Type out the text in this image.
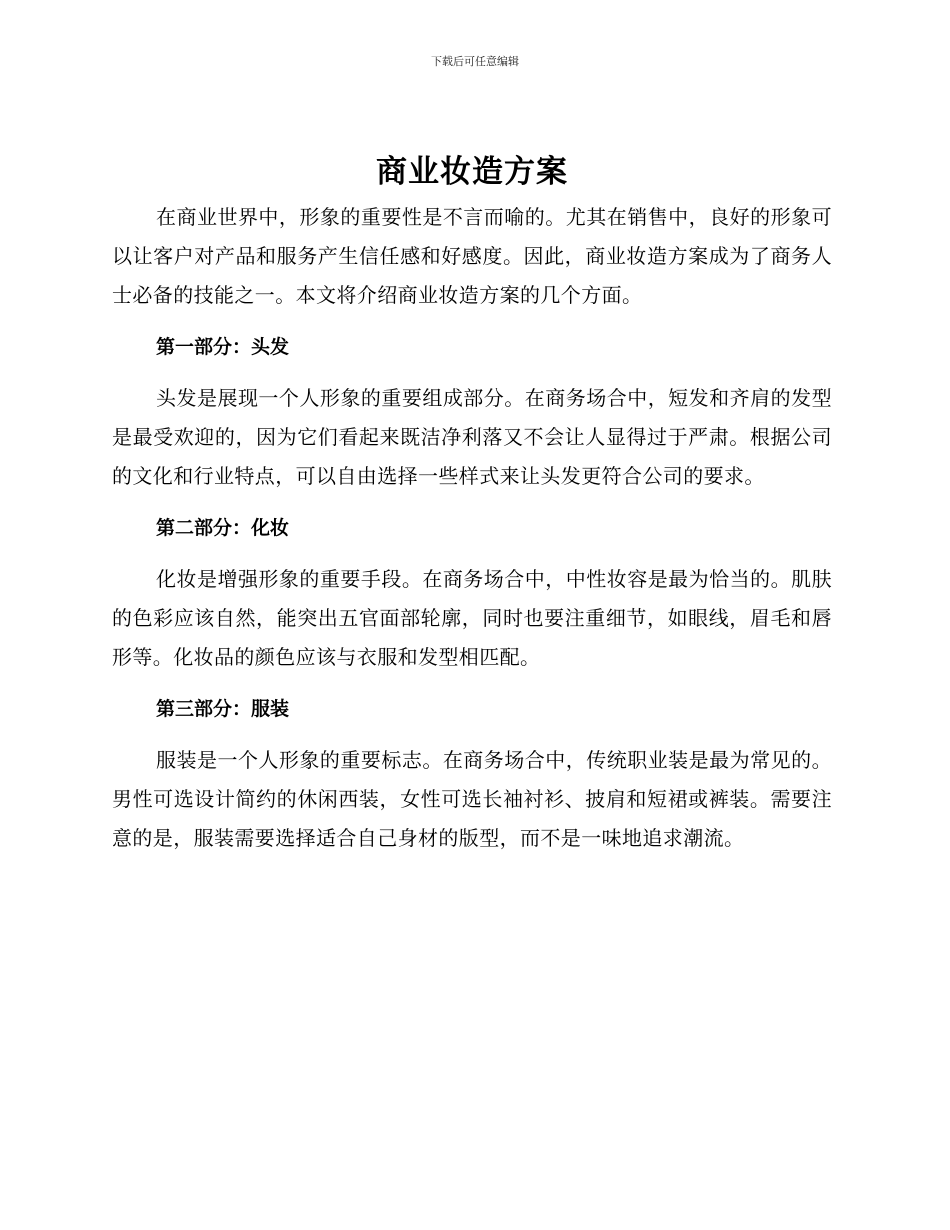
下载后可任意编辑
商业妆造方案

在商业世界中，形象的重要性是不言而喻的。尤其在销售中，良好的形象可以让客户对产品和服务产生信任感和好感度。因此，商业妆造方案成为了商务人士必备的技能之一。本文将介绍商业妆造方案的几个方面。

第一部分：头发

头发是展现一个人形象的重要组成部分。在商务场合中，短发和齐肩的发型是最受欢迎的，因为它们看起来既洁净利落又不会让人显得过于严肃。根据公司的文化和行业特点，可以自由选择一些样式来让头发更符合公司的要求。

第二部分：化妆

化妆是增强形象的重要手段。在商务场合中，中性妆容是最为恰当的。肌肤的色彩应该自然，能突出五官面部轮廓，同时也要注重细节，如眼线，眉毛和唇形等。化妆品的颜色应该与衣服和发型相匹配。

第三部分：服装

服装是一个人形象的重要标志。在商务场合中，传统职业装是最为常见的。男性可选设计简约的休闲西装，女性可选长袖衬衫、披肩和短裙或裤装。需要注意的是，服装需要选择适合自己身材的版型，而不是一味地追求潮流。
